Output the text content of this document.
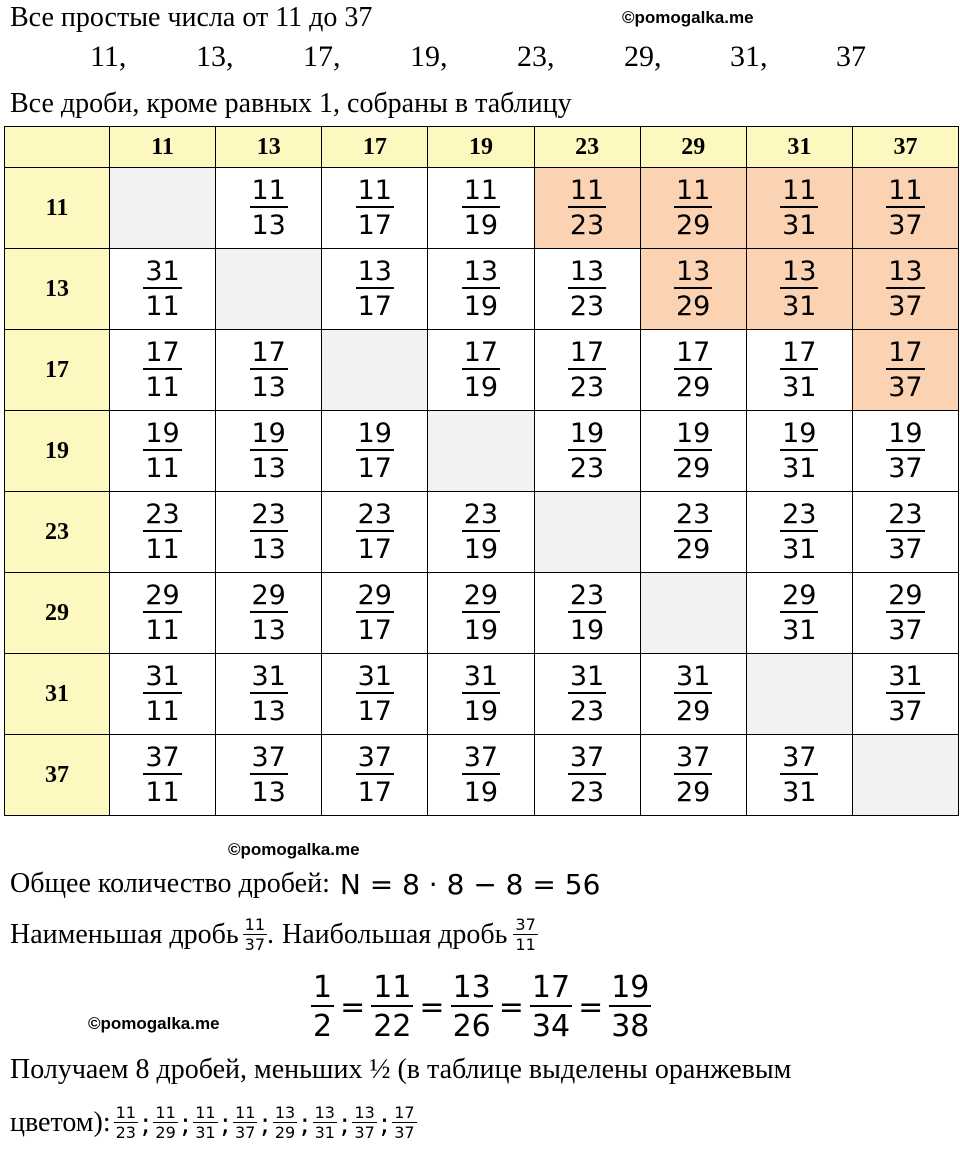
Все простые числа от 11 до 37	©pomogalka.me
11, 13, 17, 19, 23, 29, 31, 37
Все дроби, кроме равных 1, собраны в таблицу
	11	13	17	19	23	29	31	37
11		$\frac{11}{13}$	$\frac{11}{17}$	$\frac{11}{19}$	$\frac{11}{23}$	$\frac{11}{29}$	$\frac{11}{31}$	$\frac{11}{37}$

13	$\frac{31}{11}$		$\frac{13}{17}$	$\frac{13}{19}$	$\frac{13}{23}$	$\frac{13}{29}$	$\frac{13}{31}$	$\frac{13}{37}$

17	$\frac{17}{11}$	$\frac{17}{13}$		$\frac{17}{19}$	$\frac{17}{23}$	$\frac{17}{29}$	$\frac{17}{31}$	$\frac{17}{37}$

19	$\frac{19}{11}$	$\frac{19}{13}$	$\frac{19}{17}$		$\frac{19}{23}$	$\frac{19}{29}$	$\frac{19}{31}$	$\frac{19}{37}$

23	$\frac{23}{11}$	$\frac{23}{13}$	$\frac{23}{17}$	$\frac{23}{19}$		$\frac{23}{29}$	$\frac{23}{31}$	$\frac{23}{37}$

29	$\frac{29}{11}$	$\frac{29}{13}$	$\frac{29}{17}$	$\frac{29}{19}$	$\frac{23}{19}$		$\frac{29}{31}$	$\frac{29}{37}$

31	$\frac{31}{11}$	$\frac{31}{13}$	$\frac{31}{17}$	$\frac{31}{19}$	$\frac{31}{23}$	$\frac{31}{29}$		$\frac{31}{37}$

37	$\frac{37}{11}$	$\frac{37}{13}$	$\frac{37}{17}$	$\frac{37}{19}$	$\frac{37}{23}$	$\frac{37}{29}$	$\frac{37}{31}$

©pomogalka.me
Общее количество дробей: N = 8 · 8 − 8 = 56
Наименьшая дробь $\frac{11}{37}$ . Наибольшая дробь $\frac{37}{11}$
$\frac{1}{2} = \frac{11}{22} = \frac{13}{26} = \frac{17}{34} = \frac{19}{38}$
©pomogalka.me
Получаем 8 дробей, меньших ½ (в таблице выделены оранжевым
цветом): $\frac{11}{23}$ ; $\frac{11}{29}$ ; $\frac{11}{31}$ ; $\frac{11}{37}$ ; $\frac{13}{29}$ ; $\frac{13}{31}$ ; $\frac{13}{37}$ ; $\frac{17}{37}$
